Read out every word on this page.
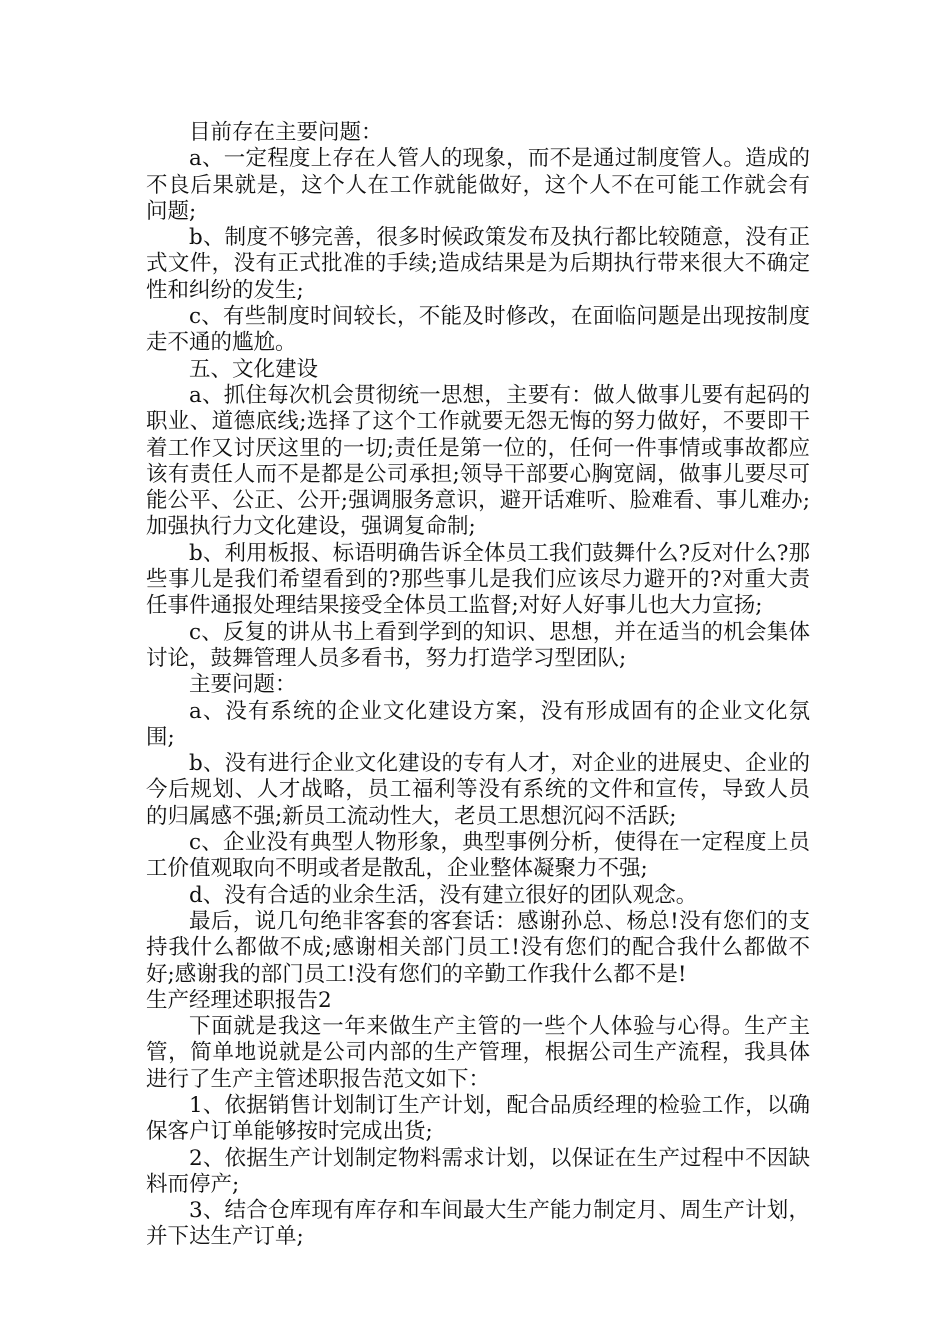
目前存在主要问题：

a、一定程度上存在人管人的现象，而不是通过制度管人。造成的不良后果就是，这个人在工作就能做好，这个人不在可能工作就会有问题;

b、制度不够完善，很多时候政策发布及执行都比较随意，没有正式文件，没有正式批准的手续;造成结果是为后期执行带来很大不确定性和纠纷的发生;

c、有些制度时间较长，不能及时修改，在面临问题是出现按制度走不通的尴尬。

五、文化建设

a、抓住每次机会贯彻统一思想，主要有：做人做事儿要有起码的职业、道德底线;选择了这个工作就要无怨无悔的努力做好，不要即干着工作又讨厌这里的一切;责任是第一位的，任何一件事情或事故都应该有责任人而不是都是公司承担;领导干部要心胸宽阔，做事儿要尽可能公平、公正、公开;强调服务意识，避开话难听、脸难看、事儿难办;加强执行力文化建设，强调复命制;

b、利用板报、标语明确告诉全体员工我们鼓舞什么?反对什么?那些事儿是我们希望看到的?那些事儿是我们应该尽力避开的?对重大责任事件通报处理结果接受全体员工监督;对好人好事儿也大力宣扬;

c、反复的讲从书上看到学到的知识、思想，并在适当的机会集体讨论，鼓舞管理人员多看书，努力打造学习型团队;

主要问题：

a、没有系统的企业文化建设方案，没有形成固有的企业文化氛围;

b、没有进行企业文化建设的专有人才，对企业的进展史、企业的今后规划、人才战略，员工福利等没有系统的文件和宣传，导致人员的归属感不强;新员工流动性大，老员工思想沉闷不活跃;

c、企业没有典型人物形象，典型事例分析，使得在一定程度上员工价值观取向不明或者是散乱，企业整体凝聚力不强;

d、没有合适的业余生活，没有建立很好的团队观念。

最后，说几句绝非客套的客套话：感谢孙总、杨总!没有您们的支持我什么都做不成;感谢相关部门员工!没有您们的配合我什么都做不好;感谢我的部门员工!没有您们的辛勤工作我什么都不是!

生产经理述职报告2

下面就是我这一年来做生产主管的一些个人体验与心得。生产主管，简单地说就是公司内部的生产管理，根据公司生产流程，我具体进行了生产主管述职报告范文如下：

1、依据销售计划制订生产计划，配合品质经理的检验工作，以确保客户订单能够按时完成出货;

2、依据生产计划制定物料需求计划，以保证在生产过程中不因缺料而停产;

3、结合仓库现有库存和车间最大生产能力制定月、周生产计划，并下达生产订单;
